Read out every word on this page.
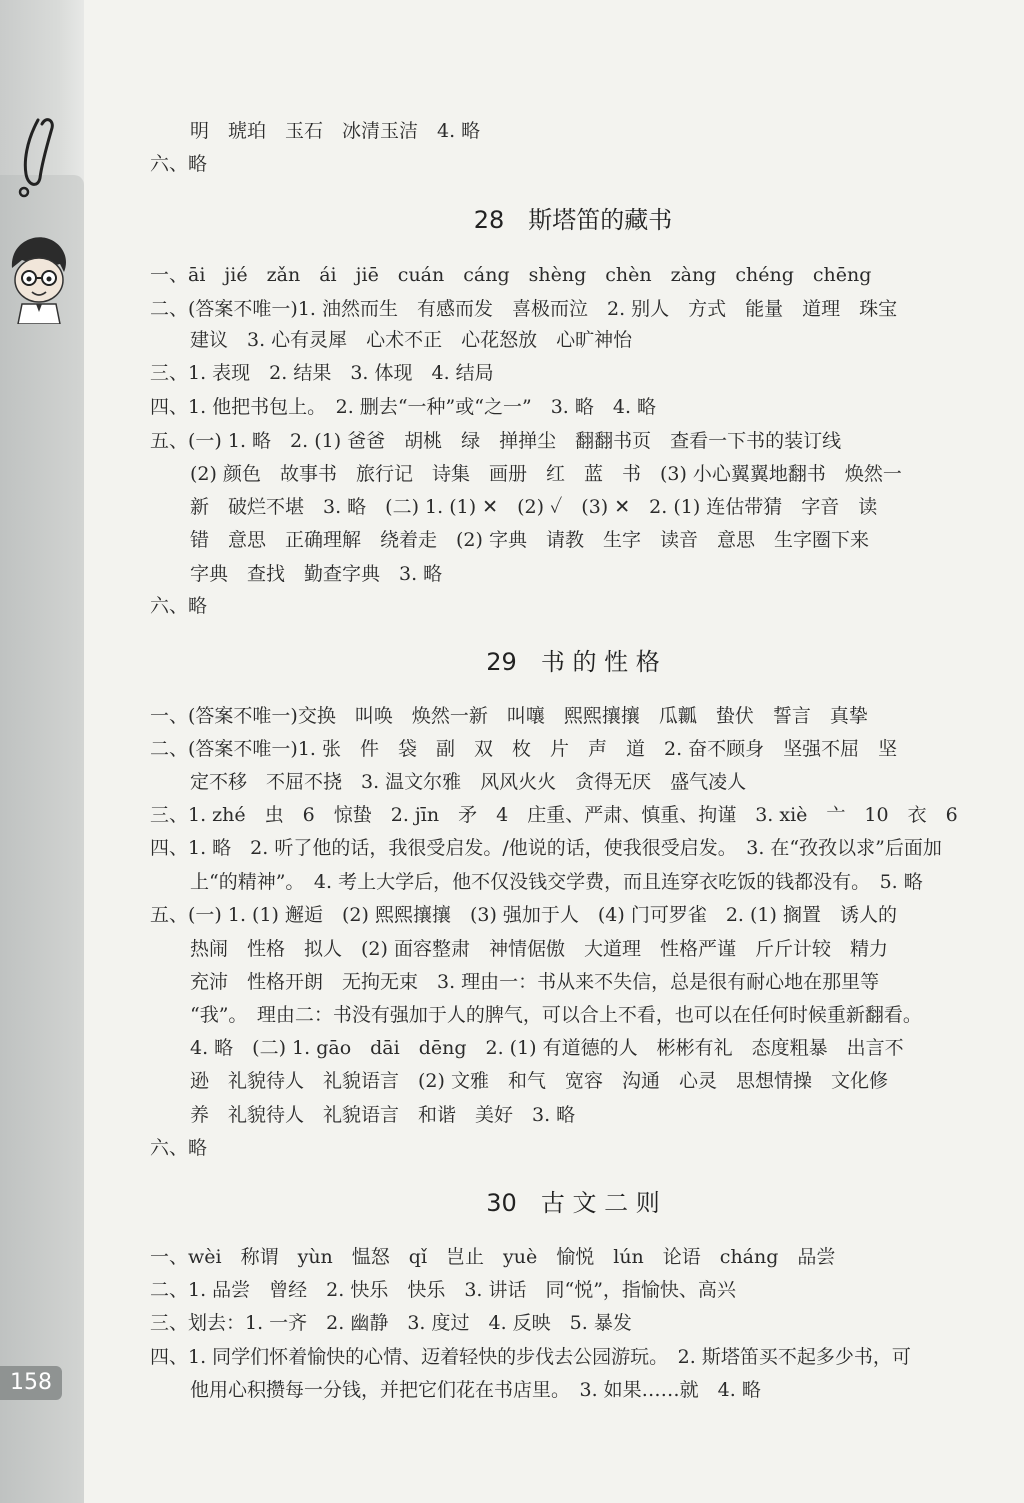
158
明　琥珀　玉石　冰清玉洁　4. 略
六、略
28　斯塔笛的藏书
一、āi　jié　zǎn　ái　jiē　cuán　cáng　shèng　chèn　zàng　chéng　chēng
二、(答案不唯一)1. 油然而生　有感而发　喜极而泣　2. 别人　方式　能量　道理　珠宝
建议　3. 心有灵犀　心术不正　心花怒放　心旷神怡
三、1. 表现　2. 结果　3. 体现　4. 结局
四、1. 他把书包上。　2. 删去“一种”或“之一”　3. 略　4. 略
五、(一) 1. 略　2. (1) 爸爸　胡桃　绿　掸掸尘　翻翻书页　查看一下书的装订线
(2) 颜色　故事书　旅行记　诗集　画册　红　蓝　书　(3) 小心翼翼地翻书　焕然一
新　破烂不堪　3. 略　(二) 1. (1) ✕　(2) ✓　(3) ✕　2. (1) 连估带猜　字音　读
错　意思　正确理解　绕着走　(2) 字典　请教　生字　读音　意思　生字圈下来
字典　查找　勤查字典　3. 略
六、略
29　书 的 性 格
一、(答案不唯一)交换　叫唤　焕然一新　叫嚷　熙熙攘攘　瓜瓤　蛰伏　誓言　真挚
二、(答案不唯一)1. 张　件　袋　副　双　枚　片　声　道　2. 奋不顾身　坚强不屈　坚
定不移　不屈不挠　3. 温文尔雅　风风火火　贪得无厌　盛气凌人
三、1. zhé　虫　6　惊蛰　2. jīn　矛　4　庄重、严肃、慎重、拘谨　3. xiè　亠　10　衣　6
四、1. 略　2. 听了他的话，我很受启发。/他说的话，使我很受启发。　3. 在“孜孜以求”后面加
上“的精神”。　4. 考上大学后，他不仅没钱交学费，而且连穿衣吃饭的钱都没有。　5. 略
五、(一) 1. (1) 邂逅　(2) 熙熙攘攘　(3) 强加于人　(4) 门可罗雀　2. (1) 搁置　诱人的
热闹　性格　拟人　(2) 面容整肃　神情倨傲　大道理　性格严谨　斤斤计较　精力
充沛　性格开朗　无拘无束　3. 理由一：书从来不失信，总是很有耐心地在那里等
“我”。　理由二：书没有强加于人的脾气，可以合上不看，也可以在任何时候重新翻看。
4. 略　(二) 1. gāo　dāi　dēng　2. (1) 有道德的人　彬彬有礼　态度粗暴　出言不
逊　礼貌待人　礼貌语言　(2) 文雅　和气　宽容　沟通　心灵　思想情操　文化修
养　礼貌待人　礼貌语言　和谐　美好　3. 略
六、略
30　古 文 二 则
一、wèi　称谓　yùn　愠怒　qǐ　岂止　yuè　愉悦　lún　论语　cháng　品尝
二、1. 品尝　曾经　2. 快乐　快乐　3. 讲话　同“悦”，指愉快、高兴
三、划去：1. 一齐　2. 幽静　3. 度过　4. 反映　5. 暴发
四、1. 同学们怀着愉快的心情、迈着轻快的步伐去公园游玩。　2. 斯塔笛买不起多少书，可
他用心积攒每一分钱，并把它们花在书店里。　3. 如果……就　4. 略
